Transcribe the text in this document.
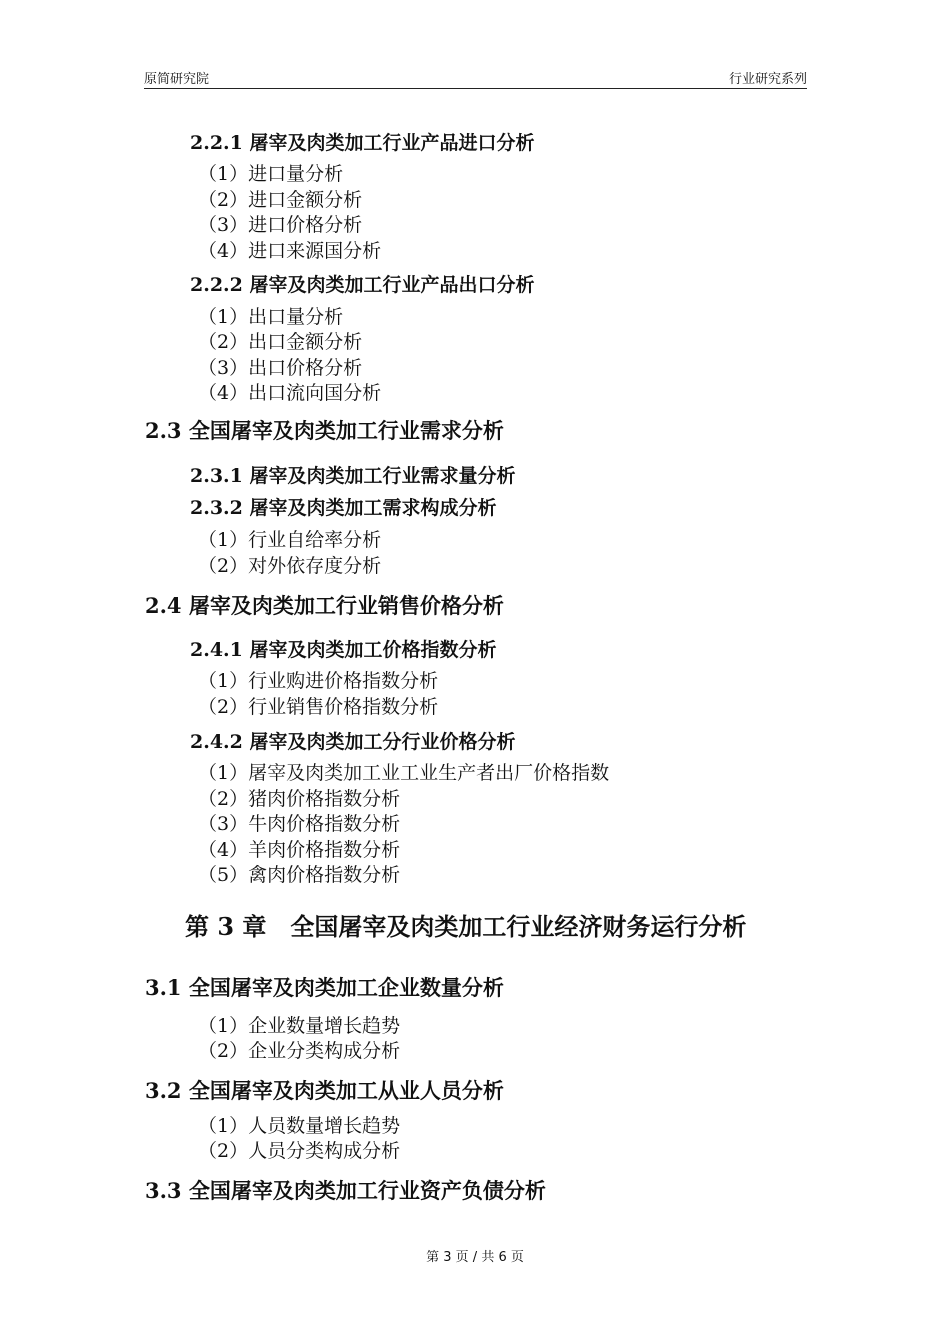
原简研究院	行业研究系列
2.2.1 屠宰及肉类加工行业产品进口分析
（1）进口量分析
（2）进口金额分析
（3）进口价格分析
（4）进口来源国分析
2.2.2 屠宰及肉类加工行业产品出口分析
（1）出口量分析
（2）出口金额分析
（3）出口价格分析
（4）出口流向国分析
2.3 全国屠宰及肉类加工行业需求分析
2.3.1 屠宰及肉类加工行业需求量分析
2.3.2 屠宰及肉类加工需求构成分析
（1）行业自给率分析
（2）对外依存度分析
2.4 屠宰及肉类加工行业销售价格分析
2.4.1 屠宰及肉类加工价格指数分析
（1）行业购进价格指数分析
（2）行业销售价格指数分析
2.4.2 屠宰及肉类加工分行业价格分析
（1）屠宰及肉类加工业工业生产者出厂价格指数
（2）猪肉价格指数分析
（3）牛肉价格指数分析
（4）羊肉价格指数分析
（5）禽肉价格指数分析
第 3 章　全国屠宰及肉类加工行业经济财务运行分析
3.1 全国屠宰及肉类加工企业数量分析
（1）企业数量增长趋势
（2）企业分类构成分析
3.2 全国屠宰及肉类加工从业人员分析
（1）人员数量增长趋势
（2）人员分类构成分析
3.3 全国屠宰及肉类加工行业资产负债分析
第 3 页 / 共 6 页
